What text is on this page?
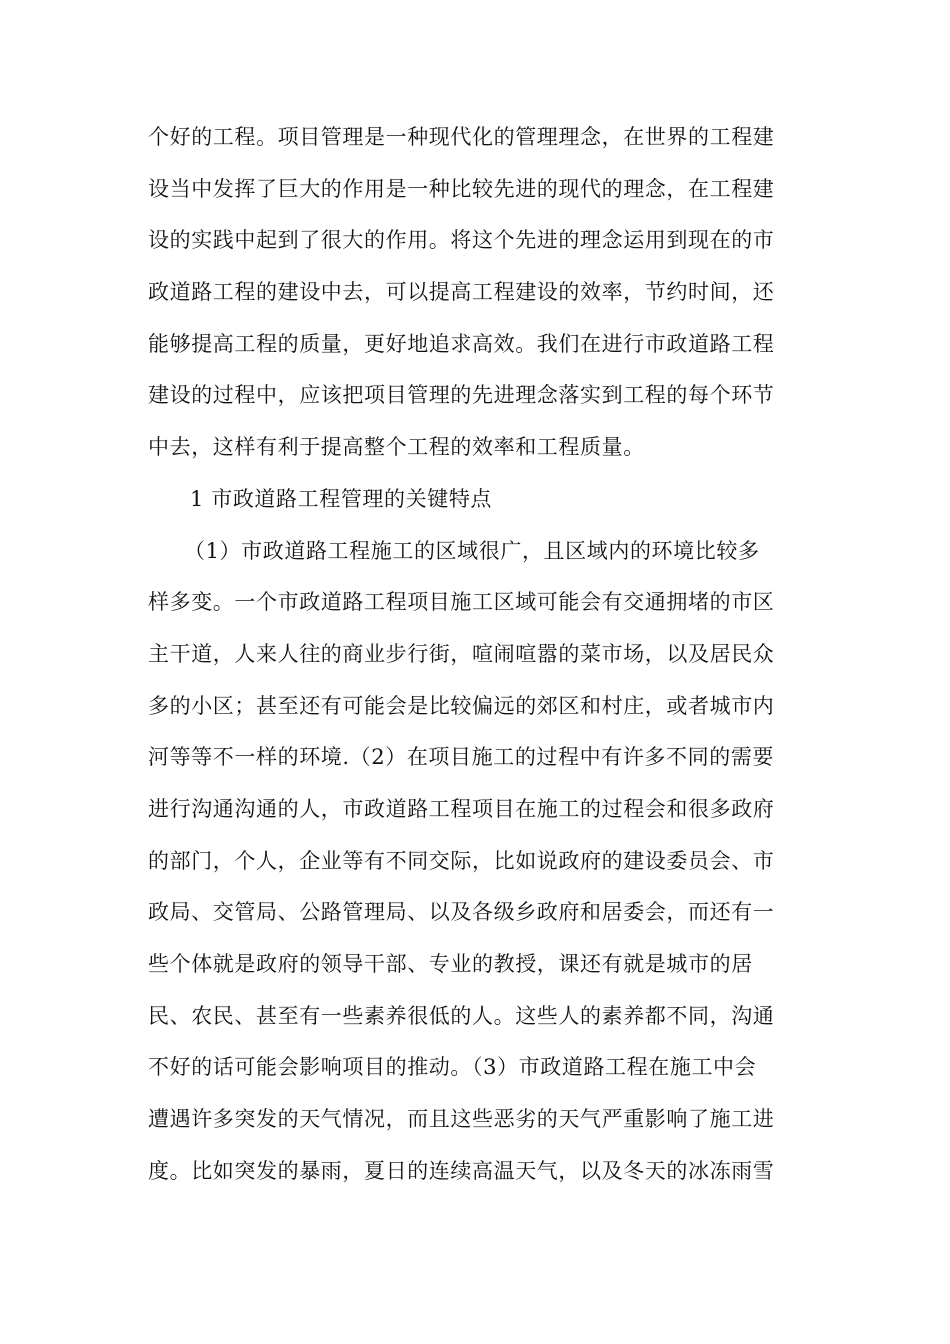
个好的工程。项目管理是一种现代化的管理理念，在世界的工程建
设当中发挥了巨大的作用是一种比较先进的现代的理念，在工程建
设的实践中起到了很大的作用。将这个先进的理念运用到现在的市
政道路工程的建设中去，可以提高工程建设的效率，节约时间，还
能够提高工程的质量，更好地追求高效。我们在进行市政道路工程
建设的过程中，应该把项目管理的先进理念落实到工程的每个环节
中去，这样有利于提高整个工程的效率和工程质量。
1 市政道路工程管理的关键特点
（1）市政道路工程施工的区域很广，且区域内的环境比较多
样多变。一个市政道路工程项目施工区域可能会有交通拥堵的市区
主干道，人来人往的商业步行街，喧闹喧嚣的菜市场，以及居民众
多的小区；甚至还有可能会是比较偏远的郊区和村庄，或者城市内
河等等不一样的环境.（2）在项目施工的过程中有许多不同的需要
进行沟通沟通的人，市政道路工程项目在施工的过程会和很多政府
的部门，个人，企业等有不同交际，比如说政府的建设委员会、市
政局、交管局、公路管理局、以及各级乡政府和居委会，而还有一
些个体就是政府的领导干部、专业的教授，课还有就是城市的居
民、农民、甚至有一些素养很低的人。这些人的素养都不同，沟通
不好的话可能会影响项目的推动。（3）市政道路工程在施工中会
遭遇许多突发的天气情况，而且这些恶劣的天气严重影响了施工进
度。比如突发的暴雨，夏日的连续高温天气，以及冬天的冰冻雨雪
